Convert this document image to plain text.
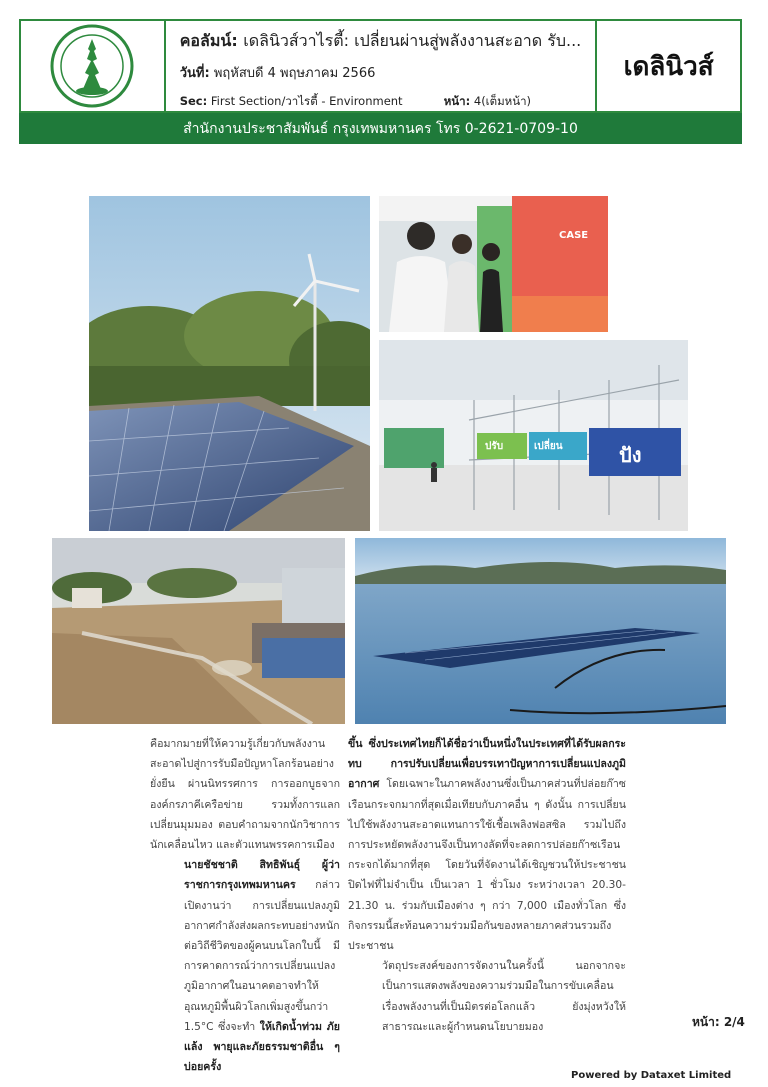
คอลัมน์: เดลินิวส์วาไรตี้: เปลี่ยนผ่านสู่พลังงานสะอาด รับ...
วันที่: พฤหัสบดี 4 พฤษภาคม 2566
Sec: First Section/วาไรตี้ - Environment	หน้า: 4(เต็มหน้า)
เดลินิวส์
สำนักงานประชาสัมพันธ์ กรุงเทพมหานคร โทร 0-2621-0709-10
CASE
ปรับ	เปลี่ยน	ปัง

คือมากมายที่ให้ความรู้เกี่ยวกับพลังงานสะอาดไปสู่การรับมือปัญหาโลกร้อนอย่างยั่งยืน ผ่านนิทรรศการ การออกบูธจากองค์กรภาคีเครือข่าย รวมทั้งการแลกเปลี่ยนมุมมอง ตอบคำถามจากนักวิชาการ นักเคลื่อนไหว และตัวแทนพรรคการเมือง

นายชัชชาติ สิทธิพันธุ์ ผู้ว่าราชการกรุงเทพมหานคร กล่าวเปิดงานว่า การเปลี่ยนแปลงภูมิอากาศกำลังส่งผลกระทบอย่างหนักต่อวิถีชีวิตของผู้คนบนโลกใบนี้ มีการคาดการณ์ว่าการเปลี่ยนแปลงภูมิอากาศในอนาคตอาจทำให้อุณหภูมิพื้นผิวโลกเพิ่มสูงขึ้นกว่า 1.5°C ซึ่งจะทำ ให้เกิดน้ำท่วม ภัยแล้ง พายุและภัยธรรมชาติอื่น ๆ บ่อยครั้ง

ขึ้น ซึ่งประเทศไทยก็ได้ชื่อว่าเป็นหนึ่งในประเทศที่ได้รับผลกระทบ การปรับเปลี่ยนเพื่อบรรเทาปัญหาการเปลี่ยนแปลงภูมิอากาศ โดยเฉพาะในภาคพลังงานซึ่งเป็นภาคส่วนที่ปล่อยก๊าซเรือนกระจกมากที่สุดเมื่อเทียบกับภาคอื่น ๆ ดังนั้น การเปลี่ยนไปใช้พลังงานสะอาดแทนการใช้เชื้อเพลิงฟอสซิล รวมไปถึงการประหยัดพลังงานจึงเป็นทางลัดที่จะลดการปล่อยก๊าซเรือนกระจกได้มากที่สุด โดยวันที่จัดงานได้เชิญชวนให้ประชาชนปิดไฟที่ไม่จำเป็น เป็นเวลา 1 ชั่วโมง ระหว่างเวลา 20.30-21.30 น. ร่วมกับเมืองต่าง ๆ กว่า 7,000 เมืองทั่วโลก ซึ่งกิจกรรมนี้สะท้อนความร่วมมือกันของหลายภาคส่วนรวมถึงประชาชน

วัตถุประสงค์ของการจัดงานในครั้งนี้ นอกจากจะเป็นการแสดงพลังของความร่วมมือในการขับเคลื่อนเรื่องพลังงานที่เป็นมิตรต่อโลกแล้ว ยังมุ่งหวังให้สาธารณะและผู้กำหนดนโยบายมอง	หน้า: 2/4
Powered by Dataxet Limited
